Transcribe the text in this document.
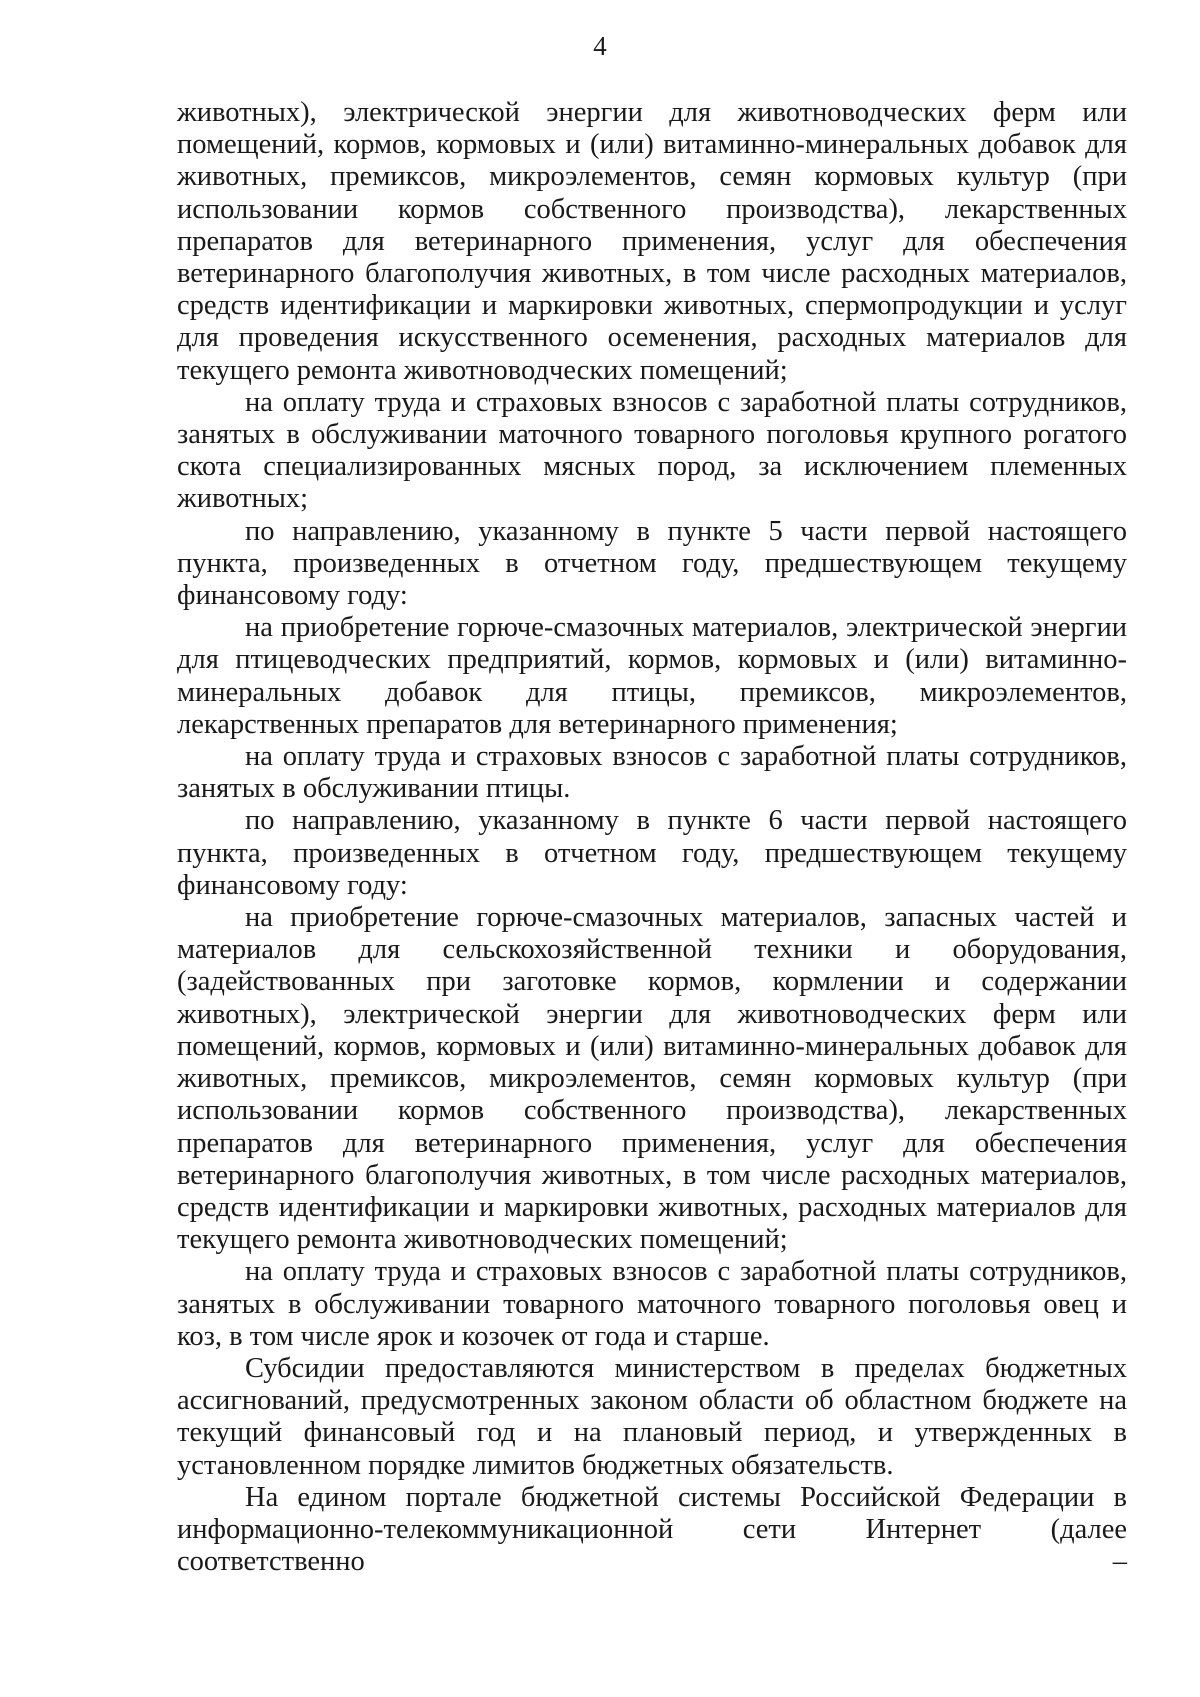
4

животных), электрической энергии для животноводческих ферм или помещений, кормов, кормовых и (или) витаминно-минеральных добавок для животных, премиксов, микроэлементов, семян кормовых культур (при использовании кормов собственного производства), лекарственных препаратов для ветеринарного применения, услуг для обеспечения ветеринарного благополучия животных, в том числе расходных материалов, средств идентификации и маркировки животных, спермопродукции и услуг для проведения искусственного осеменения, расходных материалов для текущего ремонта животноводческих помещений;

на оплату труда и страховых взносов с заработной платы сотрудников, занятых в обслуживании маточного товарного поголовья крупного рогатого скота специализированных мясных пород, за исключением племенных животных;

по направлению, указанному в пункте 5 части первой настоящего пункта, произведенных в отчетном году, предшествующем текущему финансовому году:

на приобретение горюче-смазочных материалов, электрической энергии для птицеводческих предприятий, кормов, кормовых и (или) витаминно-минеральных добавок для птицы, премиксов, микроэлементов, лекарственных препаратов для ветеринарного применения;

на оплату труда и страховых взносов с заработной платы сотрудников, занятых в обслуживании птицы.

по направлению, указанному в пункте 6 части первой настоящего пункта, произведенных в отчетном году, предшествующем текущему финансовому году:

на приобретение горюче-смазочных материалов, запасных частей и материалов для сельскохозяйственной техники и оборудования, (задействованных при заготовке кормов, кормлении и содержании животных), электрической энергии для животноводческих ферм или помещений, кормов, кормовых и (или) витаминно-минеральных добавок для животных, премиксов, микроэлементов, семян кормовых культур (при использовании кормов собственного производства), лекарственных препаратов для ветеринарного применения, услуг для обеспечения ветеринарного благополучия животных, в том числе расходных материалов, средств идентификации и маркировки животных, расходных материалов для текущего ремонта животноводческих помещений;

на оплату труда и страховых взносов с заработной платы сотрудников, занятых в обслуживании товарного маточного товарного поголовья овец и коз, в том числе ярок и козочек от года и старше.

Субсидии предоставляются министерством в пределах бюджетных ассигнований, предусмотренных законом области об областном бюджете на текущий финансовый год и на плановый период, и утвержденных в установленном порядке лимитов бюджетных обязательств.

На едином портале бюджетной системы Российской Федерации в информационно-телекоммуникационной сети Интернет (далее соответственно –
